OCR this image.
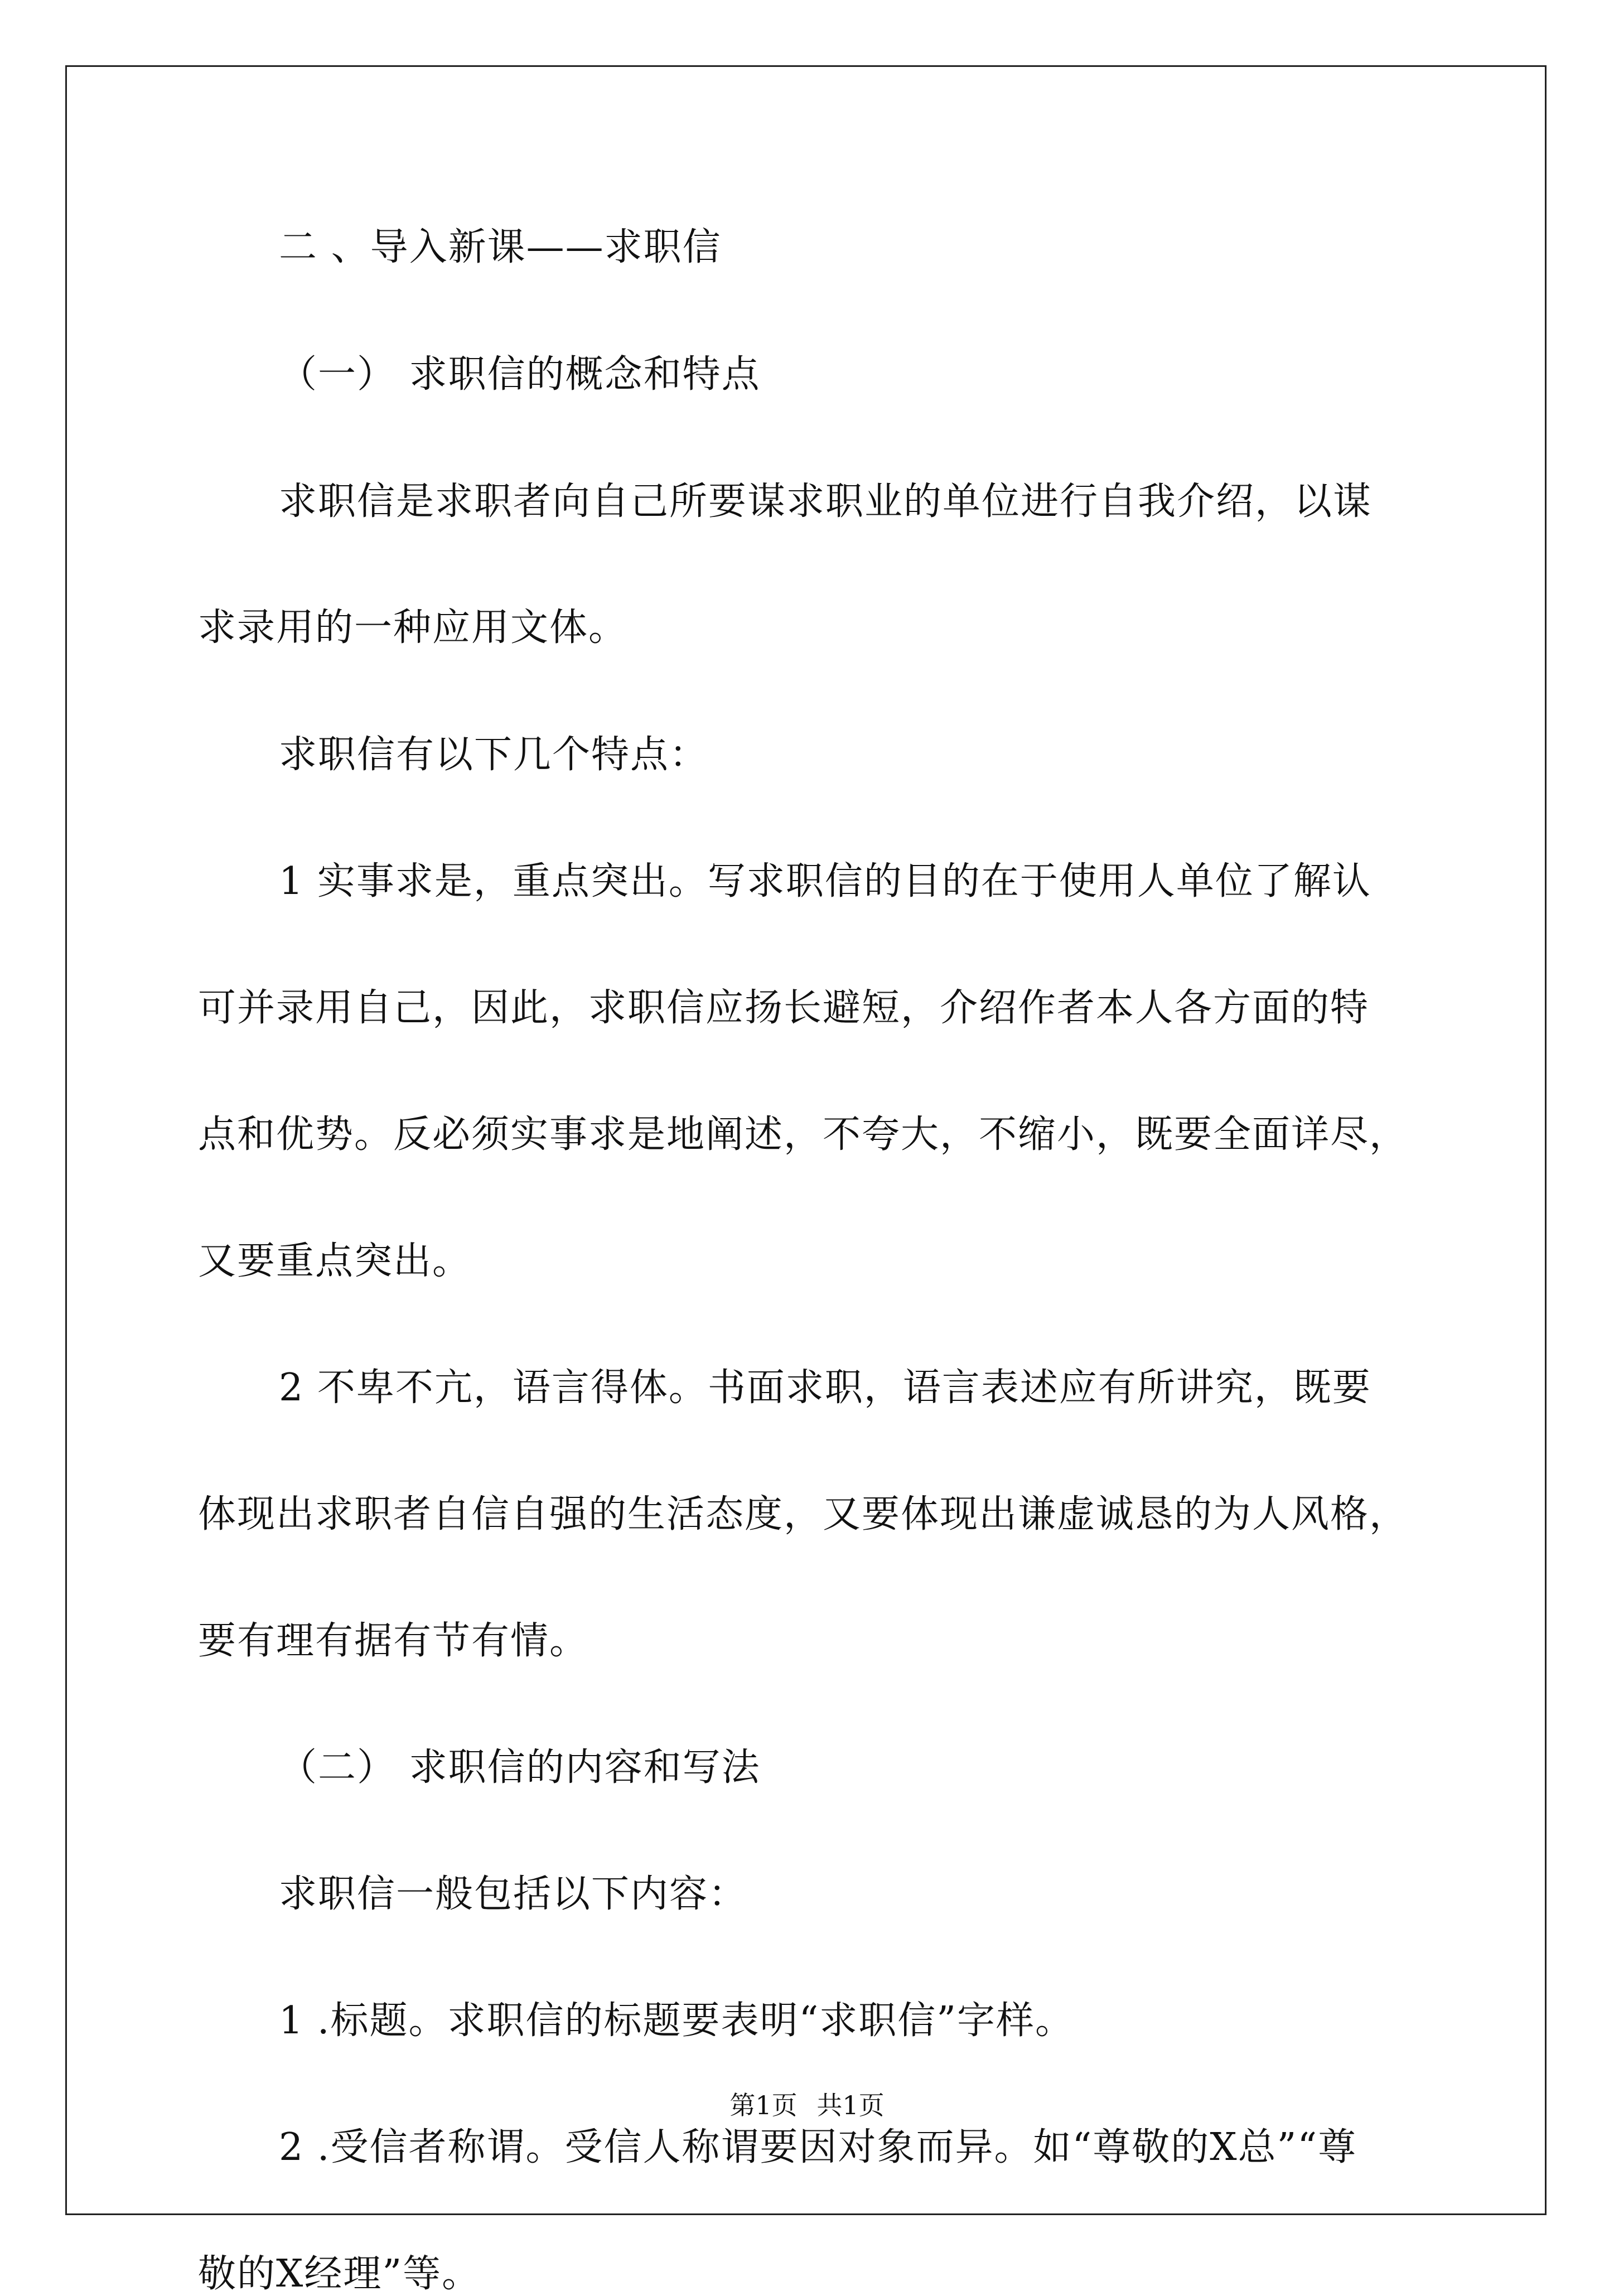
二 、导入新课——求职信
（一） 求职信的概念和特点
求职信是求职者向自己所要谋求职业的单位进行自我介绍，以谋
求录用的一种应用文体。
求职信有以下几个特点：
1 实事求是，重点突出。写求职信的目的在于使用人单位了解认
可并录用自己，因此，求职信应扬长避短，介绍作者本人各方面的特
点和优势。反必须实事求是地阐述，不夸大，不缩小，既要全面详尽，
又要重点突出。
2 不卑不亢，语言得体。书面求职，语言表述应有所讲究，既要
体现出求职者自信自强的生活态度，又要体现出谦虚诚恳的为人风格，
要有理有据有节有情。
（二） 求职信的内容和写法
求职信一般包括以下内容：
1 .标题。求职信的标题要表明“求职信”字样。
2 .受信者称谓。受信人称谓要因对象而异。如“尊敬的X总”“尊
敬的X经理”等。
第1页 共1页
